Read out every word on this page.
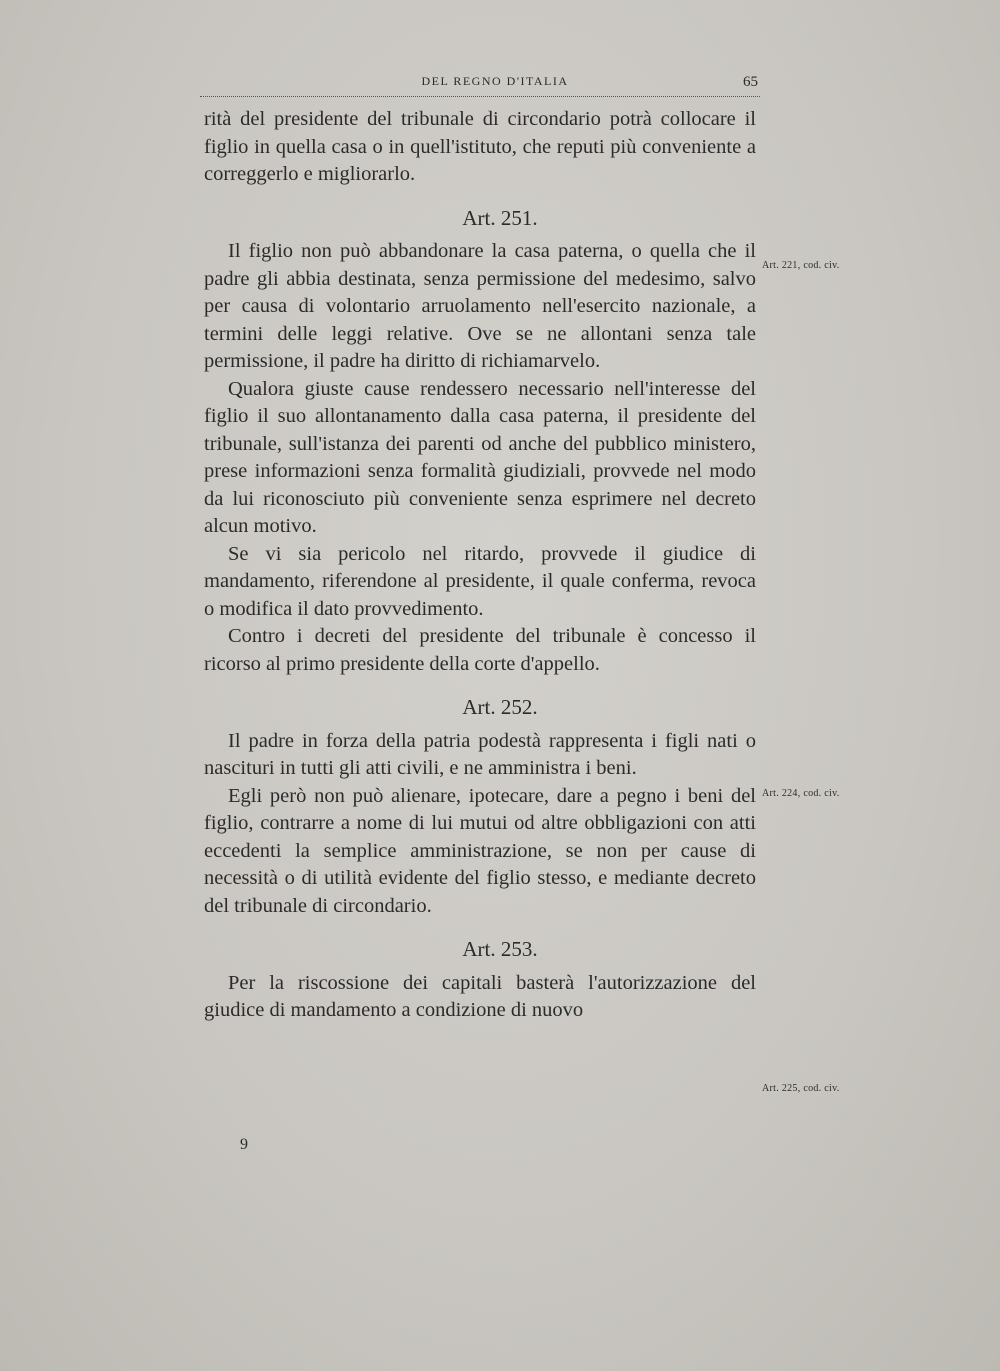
DEL REGNO D'ITALIA	65

rità del presidente del tribunale di circondario potrà collocare il figlio in quella casa o in quell'istituto, che reputi più conveniente a correggerlo e migliorarlo.

Art. 251.

Il figlio non può abbandonare la casa paterna, o quella che il padre gli abbia destinata, senza permissione del medesimo, salvo per causa di volontario arruolamento nell'esercito nazionale, a termini delle leggi relative. Ove se ne allontani senza tale permissione, il padre ha diritto di richiamarvelo.

Qualora giuste cause rendessero necessario nell'interesse del figlio il suo allontanamento dalla casa paterna, il presidente del tribunale, sull'istanza dei parenti od anche del pubblico ministero, prese informazioni senza formalità giudiziali, provvede nel modo da lui riconosciuto più conveniente senza esprimere nel decreto alcun motivo.

Se vi sia pericolo nel ritardo, provvede il giudice di mandamento, riferendone al presidente, il quale conferma, revoca o modifica il dato provvedimento.

Contro i decreti del presidente del tribunale è concesso il ricorso al primo presidente della corte d'appello.

Art. 252.

Il padre in forza della patria podestà rappresenta i figli nati o nascituri in tutti gli atti civili, e ne amministra i beni.

Egli però non può alienare, ipotecare, dare a pegno i beni del figlio, contrarre a nome di lui mutui od altre obbligazioni con atti eccedenti la semplice amministrazione, se non per cause di necessità o di utilità evidente del figlio stesso, e mediante decreto del tribunale di circondario.

Art. 253.

Per la riscossione dei capitali basterà l'autorizzazione del giudice di mandamento a condizione di nuovo

Art. 221, cod. civ.
Art. 224, cod. civ.
Art. 225, cod. civ.
9
